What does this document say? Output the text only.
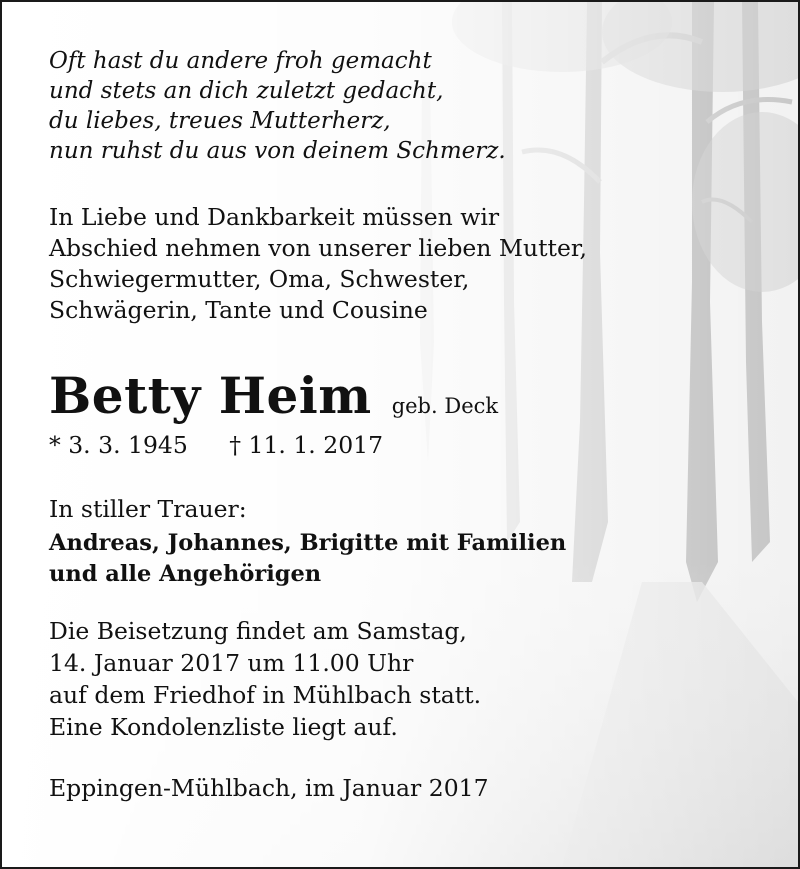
Oft hast du andere froh gemacht
und stets an dich zuletzt gedacht,
du liebes, treues Mutterherz,
nun ruhst du aus von deinem Schmerz.
In Liebe und Dankbarkeit müssen wir
Abschied nehmen von unserer lieben Mutter,
Schwiegermutter, Oma, Schwester,
Schwägerin, Tante und Cousine
Betty Heim geb. Deck
* 3. 3. 1945 † 11. 1. 2017
In stiller Trauer:
Andreas, Johannes, Brigitte mit Familien
und alle Angehörigen
Die Beisetzung findet am Samstag,
14. Januar 2017 um 11.00 Uhr
auf dem Friedhof in Mühlbach statt.
Eine Kondolenzliste liegt auf.
Eppingen-Mühlbach, im Januar 2017
